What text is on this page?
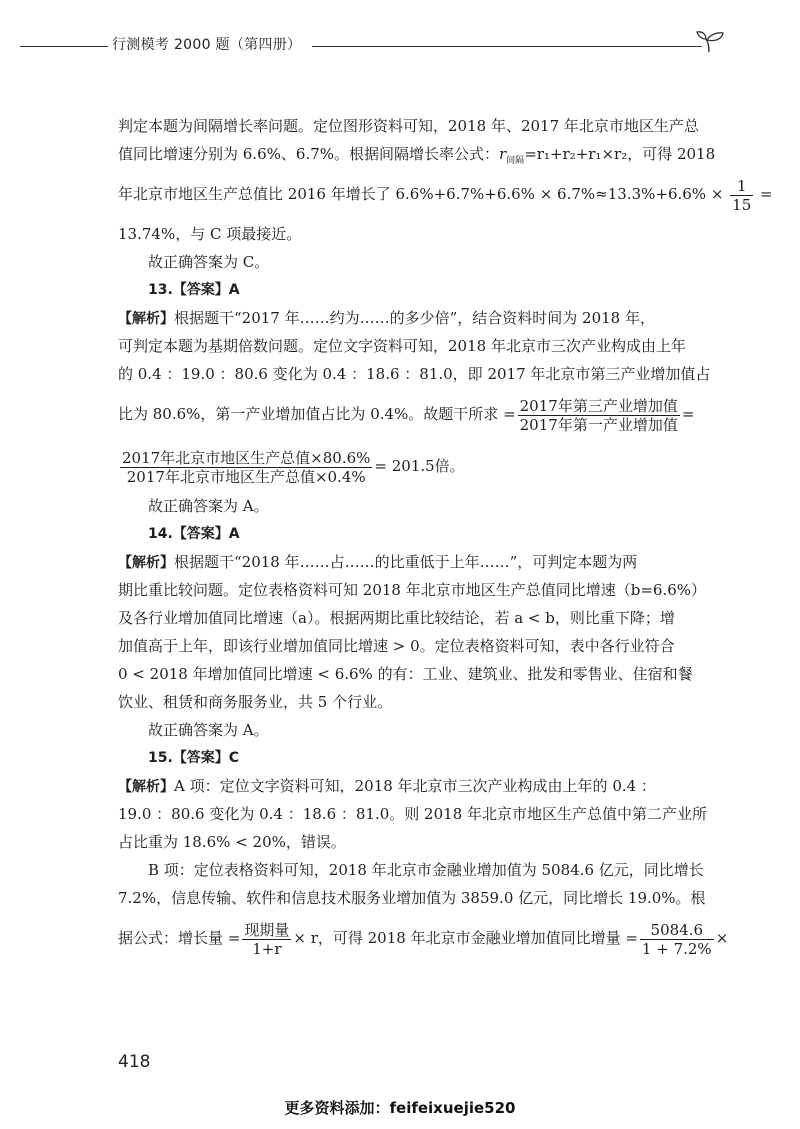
行测模考 2000 题（第四册）
判定本题为间隔增长率问题。定位图形资料可知，2018 年、2017 年北京市地区生产总
值同比增速分别为 6.6%、6.7%。根据间隔增长率公式：$r_{间隔}=r_1+r_2+r_1\times r_2$，可得 2018
年北京市地区生产总值比 2016 年增长了 $6.6\%+6.7\%+6.6\% \times 6.7\%\approx 13.3\%+6.6\% \times \frac{1}{15}$ =
13.74%，与 C 项最接近。
故正确答案为 C。
13.【答案】A
【解析】根据题干“2017 年……约为……的多少倍”，结合资料时间为 2018 年，
可判定本题为基期倍数问题。定位文字资料可知，2018 年北京市三次产业构成由上年
的 0.4 ：19.0 ：80.6 变化为 0.4 ：18.6 ：81.0，即 2017 年北京市第三产业增加值占
比为 80.6%，第一产业增加值占比为 0.4%。故题干所求 = $\frac{\text{2017年第三产业增加值}}{\text{2017年第一产业增加值}}$ =
$\frac{\text{2017年北京市地区生产总值×80.6\%}}{\text{2017年北京市地区生产总值×0.4\%}} = 201.5$倍。
故正确答案为 A。
14.【答案】A
【解析】根据题干“2018 年……占……的比重低于上年……”，可判定本题为两
期比重比较问题。定位表格资料可知 2018 年北京市地区生产总值同比增速（b=6.6%）
及各行业增加值同比增速（a）。根据两期比重比较结论，若 a < b，则比重下降；增
加值高于上年，即该行业增加值同比增速 > 0。定位表格资料可知，表中各行业符合
0 < 2018 年增加值同比增速 < 6.6% 的有：工业、建筑业、批发和零售业、住宿和餐
饮业、租赁和商务服务业，共 5 个行业。
故正确答案为 A。
15.【答案】C
【解析】A 项：定位文字资料可知，2018 年北京市三次产业构成由上年的 0.4 ：
19.0 ：80.6 变化为 0.4 ：18.6 ：81.0。则 2018 年北京市地区生产总值中第二产业所
占比重为 18.6% < 20%，错误。
B 项：定位表格资料可知，2018 年北京市金融业增加值为 5084.6 亿元，同比增长
7.2%，信息传输、软件和信息技术服务业增加值为 3859.0 亿元，同比增长 19.0%。根
据公式：增长量 = $\frac{\text{现期量}}{1+r} \times r$，可得 2018 年北京市金融业增加值同比增量 = $\frac{5084.6}{1 + 7.2\%}$ ×
418
更多资料添加：feifeixuejie520
